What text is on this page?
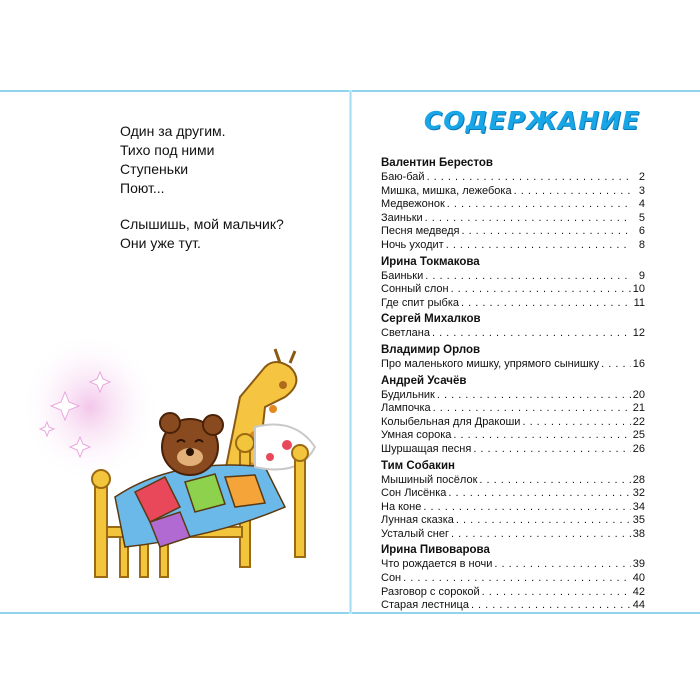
Один за другим.
Тихо под ними
Ступеньки
Поют...
Слышишь, мой мальчик?
Они уже тут.
СОДЕРЖАНИЕ
Валентин Берестов
Баю-бай . . .	2
Мишка, мишка, лежебока . . .	3
Медвежонок . . .	4
Заиньки . . .	5
Песня медведя . . .	6
Ночь уходит . . .	8
Ирина Токмакова
Баиньки . . .	9
Сонный слон . . .	10
Где спит рыбка . . .	11
Сергей Михалков
Светлана . . .	12
Владимир Орлов
Про маленького мишку, упрямого сынишку . . .	16
Андрей Усачёв
Будильник . . .	20
Лампочка . . .	21
Колыбельная для Дракоши . . .	22
Умная сорока . . .	25
Шуршащая песня . . .	26
Тим Собакин
Мышиный посёлок . . .	28
Сон Лисёнка . . .	32
На коне . . .	34
Лунная сказка . . .	35
Усталый снег . . .	38
Ирина Пивоварова
Что рождается в ночи . . .	39
Сон . . .	40
Разговор с сорокой . . .	42
Старая лестница . . .	44
